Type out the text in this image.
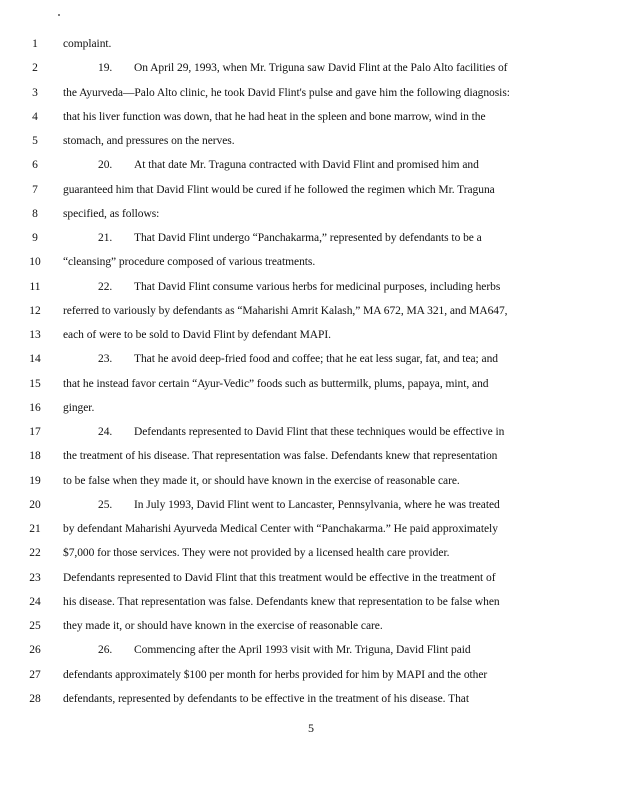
1	complaint.
2	19. On April 29, 1993, when Mr. Triguna saw David Flint at the Palo Alto facilities of
3	the Ayurveda—Palo Alto clinic, he took David Flint's pulse and gave him the following diagnosis:
4	that his liver function was down, that he had heat in the spleen and bone marrow, wind in the
5	stomach, and pressures on the nerves.
6	20. At that date Mr. Traguna contracted with David Flint and promised him and
7	guaranteed him that David Flint would be cured if he followed the regimen which Mr. Traguna
8	specified, as follows:
9	21. That David Flint undergo “Panchakarma,” represented by defendants to be a
10	“cleansing” procedure composed of various treatments.
11	22. That David Flint consume various herbs for medicinal purposes, including herbs
12	referred to variously by defendants as “Maharishi Amrit Kalash,” MA 672, MA 321, and MA647,
13	each of were to be sold to David Flint by defendant MAPI.
14	23. That he avoid deep-fried food and coffee; that he eat less sugar, fat, and tea; and
15	that he instead favor certain “Ayur-Vedic” foods such as buttermilk, plums, papaya, mint, and
16	ginger.
17	24. Defendants represented to David Flint that these techniques would be effective in
18	the treatment of his disease. That representation was false. Defendants knew that representation
19	to be false when they made it, or should have known in the exercise of reasonable care.
20	25. In July 1993, David Flint went to Lancaster, Pennsylvania, where he was treated
21	by defendant Maharishi Ayurveda Medical Center with “Panchakarma.” He paid approximately
22	$7,000 for those services. They were not provided by a licensed health care provider.
23	Defendants represented to David Flint that this treatment would be effective in the treatment of
24	his disease. That representation was false. Defendants knew that representation to be false when
25	they made it, or should have known in the exercise of reasonable care.
26	26. Commencing after the April 1993 visit with Mr. Triguna, David Flint paid
27	defendants approximately $100 per month for herbs provided for him by MAPI and the other
28	defendants, represented by defendants to be effective in the treatment of his disease. That
5
